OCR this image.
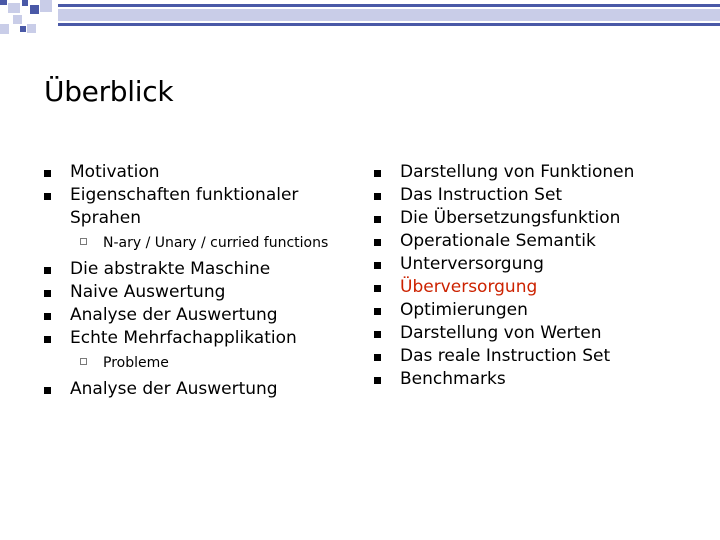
Überblick
Motivation
Eigenschaften funktionaler Sprahen
N-ary / Unary / curried functions
Die abstrakte Maschine
Naive Auswertung
Analyse der Auswertung
Echte Mehrfachapplikation
Probleme
Analyse der Auswertung
Darstellung von Funktionen
Das Instruction Set
Die Übersetzungsfunktion
Operationale Semantik
Unterversorgung
Überversorgung
Optimierungen
Darstellung von Werten
Das reale Instruction Set
Benchmarks
